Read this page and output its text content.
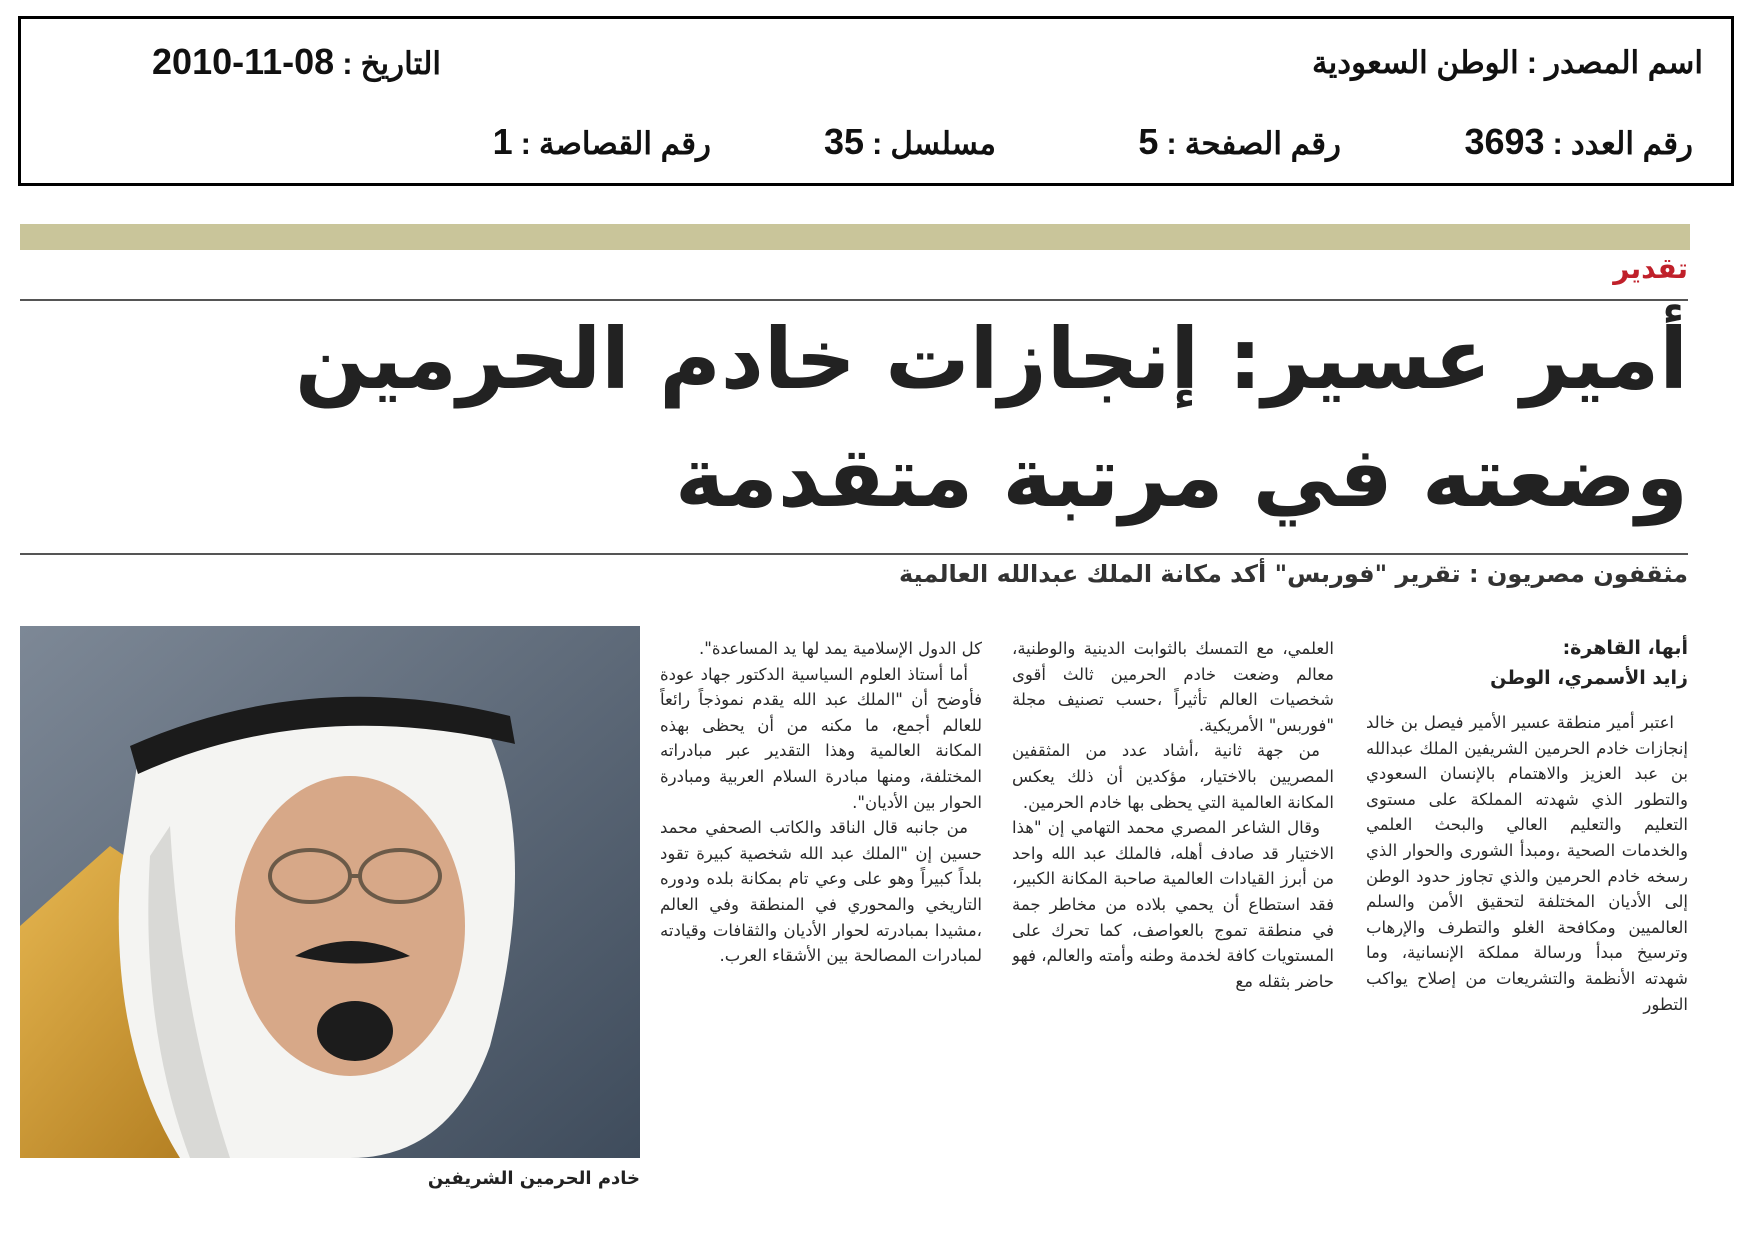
اسم المصدر
:
الوطن السعودية
التاريخ
:
2010-11-08
رقم العدد
:
3693
رقم الصفحة
:
5
مسلسل
:
35
رقم القصاصة
:
1
تقدير
أمير عسير: إنجازات خادم الحرمين وضعته في مرتبة متقدمة
مثقفون مصريون : تقرير "فوربس" أكد مكانة الملك عبدالله العالمية
أبها، القاهرة:
زايد الأسمري، الوطن

اعتبر أمير منطقة عسير الأمير فيصل بن خالد إنجازات خادم الحرمين الشريفين الملك عبدالله بن عبد العزيز والاهتمام بالإنسان السعودي والتطور الذي شهدته المملكة على مستوى التعليم والتعليم العالي والبحث العلمي والخدمات الصحية ،ومبدأ الشورى والحوار الذي رسخه خادم الحرمين والذي تجاوز حدود الوطن إلى الأديان المختلفة لتحقيق الأمن والسلم العالميين ومكافحة الغلو والتطرف والإرهاب وترسيخ مبدأ ورسالة مملكة الإنسانية، وما شهدته الأنظمة والتشريعات من إصلاح يواكب التطور

العلمي، مع التمسك بالثوابت الدينية والوطنية، معالم وضعت خادم الحرمين ثالث أقوى شخصيات العالم تأثيراً ،حسب تصنيف مجلة "فوربس" الأمريكية.

من جهة ثانية ،أشاد عدد من المثقفين المصريين بالاختيار، مؤكدين أن ذلك يعكس المكانة العالمية التي يحظى بها خادم الحرمين.

وقال الشاعر المصري محمد التهامي إن "هذا الاختيار قد صادف أهله، فالملك عبد الله واحد من أبرز القيادات العالمية صاحبة المكانة الكبير، فقد استطاع أن يحمي بلاده من مخاطر جمة في منطقة تموج بالعواصف، كما تحرك على المستويات كافة لخدمة وطنه وأمته والعالم، فهو حاضر بثقله مع

كل الدول الإسلامية يمد لها يد المساعدة".

أما أستاذ العلوم السياسية الدكتور جهاد عودة فأوضح أن "الملك عبد الله يقدم نموذجاً رائعاً للعالم أجمع، ما مكنه من أن يحظى بهذه المكانة العالمية وهذا التقدير عبر مبادراته المختلفة، ومنها مبادرة السلام العربية ومبادرة الحوار بين الأديان".

من جانبه قال الناقد والكاتب الصحفي محمد حسين إن "الملك عبد الله شخصية كبيرة تقود بلداً كبيراً وهو على وعي تام بمكانة بلده ودوره التاريخي والمحوري في المنطقة وفي العالم ،مشيدا بمبادرته لحوار الأديان والثقافات وقيادته لمبادرات المصالحة بين الأشقاء العرب.

خادم الحرمين الشريفين
